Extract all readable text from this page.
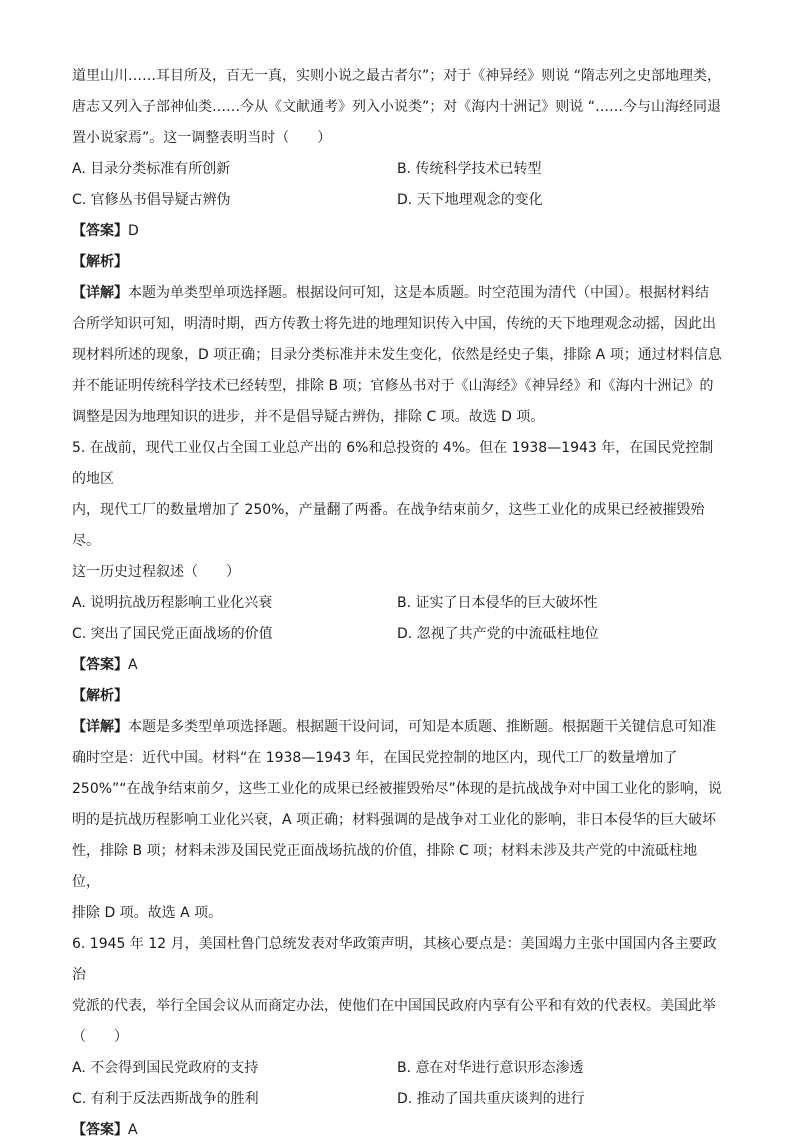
道里山川……耳目所及，百无一真，实则小说之最古者尔”；对于《神异经》则说 “隋志列之史部地理类，

唐志又列入子部神仙类……今从《文献通考》列入小说类”；对《海内十洲记》则说 “……今与山海经同退

置小说家焉”。这一调整表明当时（　　）

A. 目录分类标准有所创新	B. 传统科学技术已转型
C. 官修丛书倡导疑古辨伪	D. 天下地理观念的变化

【答案】D

【解析】

【详解】本题为单类型单项选择题。根据设问可知，这是本质题。时空范围为清代（中国）。根据材料结

合所学知识可知，明清时期，西方传教士将先进的地理知识传入中国，传统的天下地理观念动摇，因此出

现材料所述的现象，D 项正确；目录分类标准并未发生变化，依然是经史子集，排除 A 项；通过材料信息

并不能证明传统科学技术已经转型，排除 B 项；官修丛书对于《山海经》《神异经》和《海内十洲记》的

调整是因为地理知识的进步，并不是倡导疑古辨伪，排除 C 项。故选 D 项。

5. 在战前，现代工业仅占全国工业总产出的 6%和总投资的 4%。但在 1938—1943 年，在国民党控制的地区

内，现代工厂的数量增加了 250%，产量翻了两番。在战争结束前夕，这些工业化的成果已经被摧毁殆尽。

这一历史过程叙述（　　）

A. 说明抗战历程影响工业化兴衰	B. 证实了日本侵华的巨大破坏性
C. 突出了国民党正面战场的价值	D. 忽视了共产党的中流砥柱地位

【答案】A

【解析】

【详解】本题是多类型单项选择题。根据题干设问词，可知是本质题、推断题。根据题干关键信息可知准

确时空是：近代中国。材料“在 1938—1943 年，在国民党控制的地区内，现代工厂的数量增加了

250%”“在战争结束前夕，这些工业化的成果已经被摧毁殆尽”体现的是抗战战争对中国工业化的影响，说

明的是抗战历程影响工业化兴衰，A 项正确；材料强调的是战争对工业化的影响，非日本侵华的巨大破坏

性，排除 B 项；材料未涉及国民党正面战场抗战的价值，排除 C 项；材料未涉及共产党的中流砥柱地位，

排除 D 项。故选 A 项。

6. 1945 年 12 月，美国杜鲁门总统发表对华政策声明，其核心要点是：美国竭力主张中国国内各主要政治

党派的代表，举行全国会议从而商定办法，使他们在中国国民政府内享有公平和有效的代表权。美国此举

（　　）

A. 不会得到国民党政府的支持	B. 意在对华进行意识形态渗透
C. 有利于反法西斯战争的胜利	D. 推动了国共重庆谈判的进行

【答案】A
